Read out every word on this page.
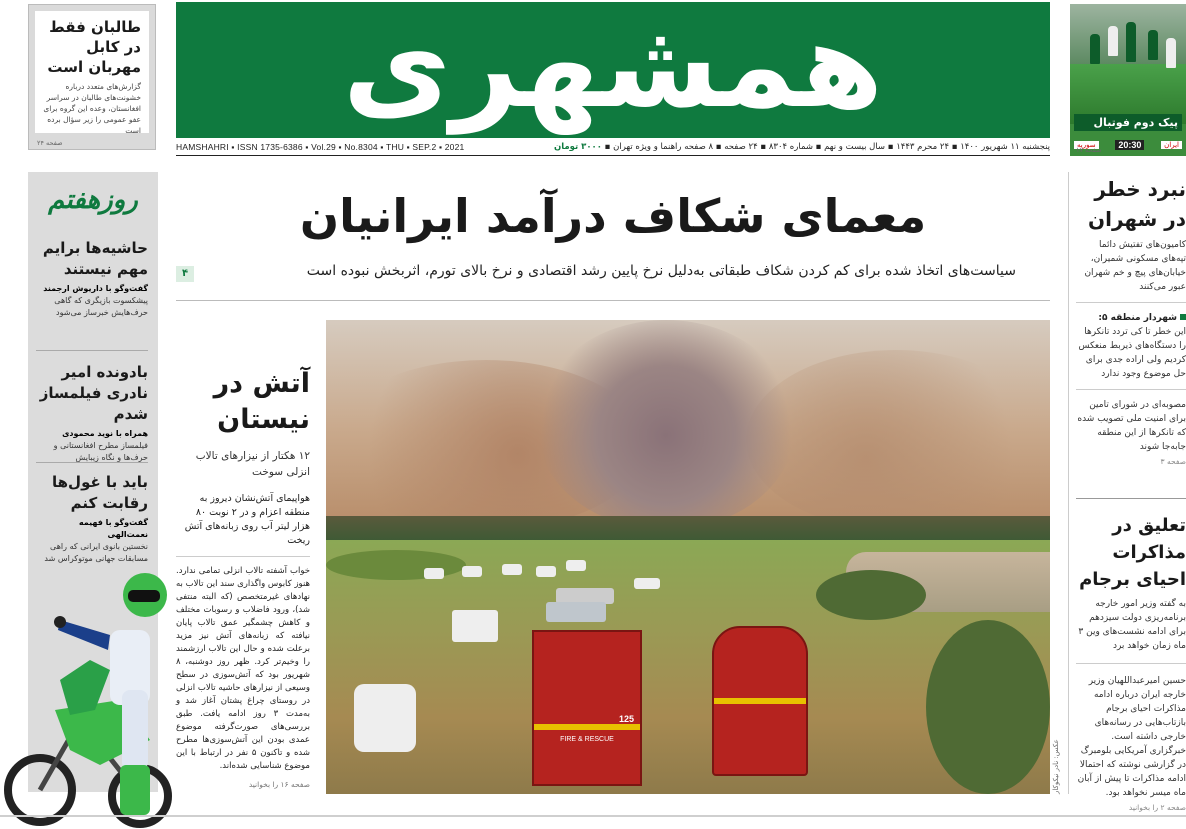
همشهری
HAMSHAHRI ▪ ISSN 1735-6386 ▪ Vol.29 ▪ No.8304 ▪ THU ▪ SEP.2 ▪ 2021	پنجشنبه ۱۱ شهریور ۱۴۰۰ ▪ ۲۴ محرم ۱۴۴۳ ▪ سال بیست و نهم ▪ شماره ۸۳۰۴ ▪ ۲۴ صفحه ▪ ۸ صفحه راهنما و ویژه تهران ▪ ۳۰۰۰ تومان
طالبان فقط در کابل مهربان است

گزارش‌های متعدد درباره خشونت‌های طالبان در سراسر افغانستان، وعده این گروه برای عفو عمومی را زیر سؤال برده است

صفحه ۲۴
پیک دوم فوتبال
سوریه	20:30	ایران
صفحه ۱۷
روزهفتم
حاشیه‌ها برایم مهم نیستند

گفت‌وگو با داریوش ارجمند
پیشکسوت بازیگری که گاهی حرف‌هایش خبرساز می‌شود

بادونده امیر نادری فیلمساز شدم

همراه با نوید محمودی
فیلمساز مطرح افغانستانی و حرف‌ها و نگاه زیبایش

باید با غول‌ها رقابت کنم

گفت‌وگو با فهیمه نعمت‌الهی
نخستین بانوی ایرانی که راهی مسابقات جهانی موتوکراس شد

معمای شکاف درآمد ایرانیان
سیاست‌های اتخاذ شده برای کم کردن شکاف طبقاتی به‌دلیل نرخ پایین رشد اقتصادی و نرخ بالای تورم، اثربخش نبوده است
۴
FIRE & RESCUE
125
عکس: نادر نیکوکار
آتش در نیستان
۱۲ هکتار از نیزارهای تالاب انزلی سوخت
هواپیمای آتش‌نشان دیروز به منطقه اعزام و در ۲ نوبت ۸۰ هزار لیتر آب روی زبانه‌های آتش ریخت
خواب آشفته تالاب انزلی تمامی ندارد. هنوز کابوس واگذاری سند این تالاب به نهادهای غیرمتخصص (که البته منتفی شد)، ورود فاضلاب و رسوبات مختلف و کاهش چشمگیر عمق تالاب پایان نیافته که زبانه‌های آتش نیز مزید برعلت شده و حال این تالاب ارزشمند را وخیم‌تر کرد. ظهر روز دوشنبه، ۸ شهریور بود که آتش‌سوزی در سطح وسیعی از نیزارهای حاشیه تالاب انزلی در روستای چراغ‌ پشتان آغاز شد و به‌مدت ۳ روز ادامه یافت. طبق بررسی‌های صورت‌گرفته موضوع عمدی بودن این آتش‌سوزی‌ها مطرح شده و تاکنون ۵ نفر در ارتباط با این موضوع شناسایی شده‌اند.
صفحه ۱۶ را بخوانید
نبرد خطر در شهران
کامیون‌های تفتیش دائما تپه‌های مسکونی شمیران، خیابان‌های پیچ و خم شهران عبور می‌کنند
شهردار منطقه ۵:
این خطر تا کی تردد تانکرها را دستگاه‌های ذیربط منعکس کردیم ولی اراده جدی برای حل موضوع وجود ندارد
مصوبه‌ای در شورای تامین برای امنیت ملی تصویب شده که تانکرها از این منطقه جابه‌جا شوند
صفحه ۳
تعلیق در مذاکرات احیای برجام
به گفته وزیر امور خارجه برنامه‌ریزی دولت سیزدهم برای ادامه نشست‌های وین ۳ ماه زمان خواهد برد
حسین امیرعبداللهیان وزیر خارجه ایران درباره ادامه مذاکرات احیای برجام بازتاب‌هایی در رسانه‌های خارجی داشته است. خبرگزاری آمریکایی بلومبرگ در گزارشی نوشته که احتمالا ادامه مذاکرات تا پیش از آبان ماه میسر نخواهد بود.
صفحه ۲ را بخوانید
